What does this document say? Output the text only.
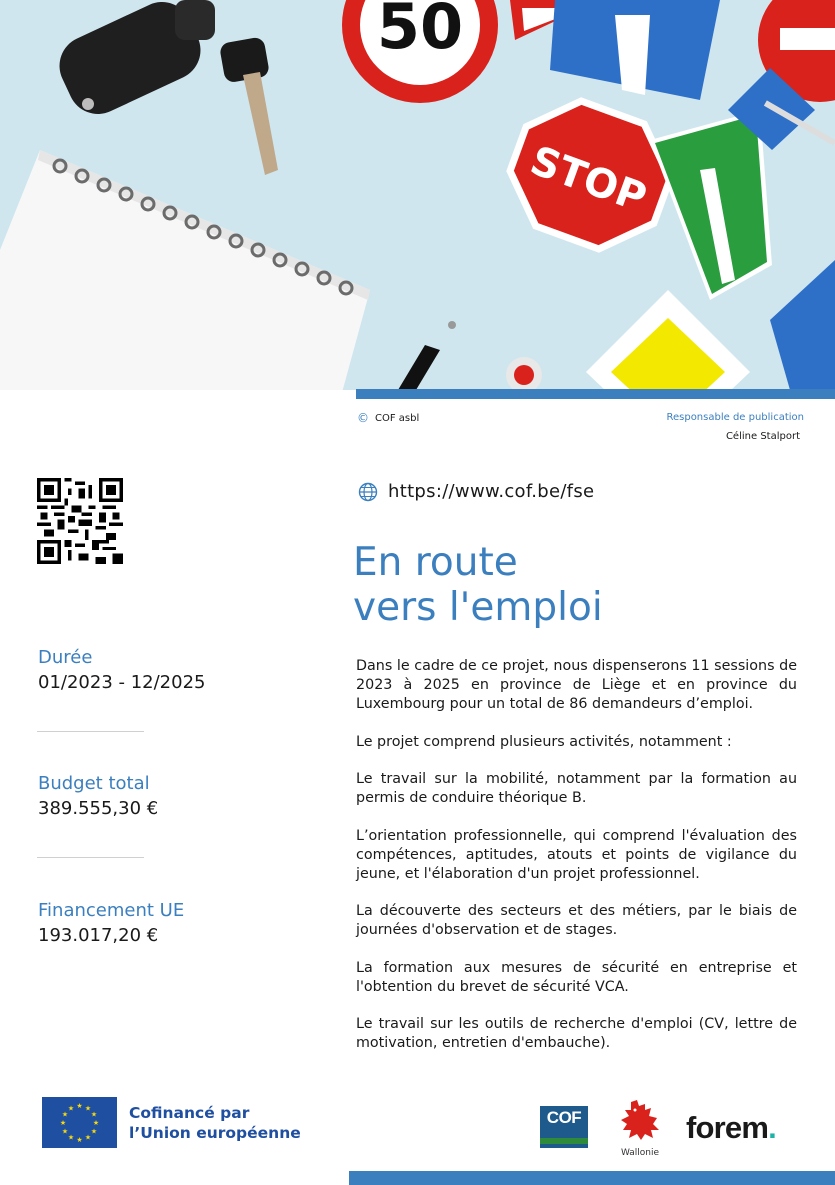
50
STOP
© COF asbl	Responsable de publication
Céline Stalport
https://www.cof.be/fse
En route
vers l'emploi
Durée
01/2023 - 12/2025
Budget total
389.555,30 €
Financement UE
193.017,20 €

Dans le cadre de ce projet, nous dispenserons 11 sessions de 2023 à 2025 en province de Liège et en province du Luxembourg pour un total de 86 demandeurs d’emploi.

Le projet comprend plusieurs activités, notamment :

Le travail sur la mobilité, notamment par la formation au permis de conduire théorique B.

L’orientation professionnelle, qui comprend l'évaluation des compétences, aptitudes, atouts et points de vigilance du jeune, et l'élaboration d'un projet professionnel.

La découverte des secteurs et des métiers, par le biais de journées d'observation et de stages.

La formation aux mesures de sécurité en entreprise et l'obtention du brevet de sécurité VCA.

Le travail sur les outils de recherche d'emploi (CV, lettre de motivation, entretien d'embauche).

★ ★
★
★
★
★
★
★
★
★
★
★	Cofinancé par
l’Union européenne
COF
Wallonie
forem.
